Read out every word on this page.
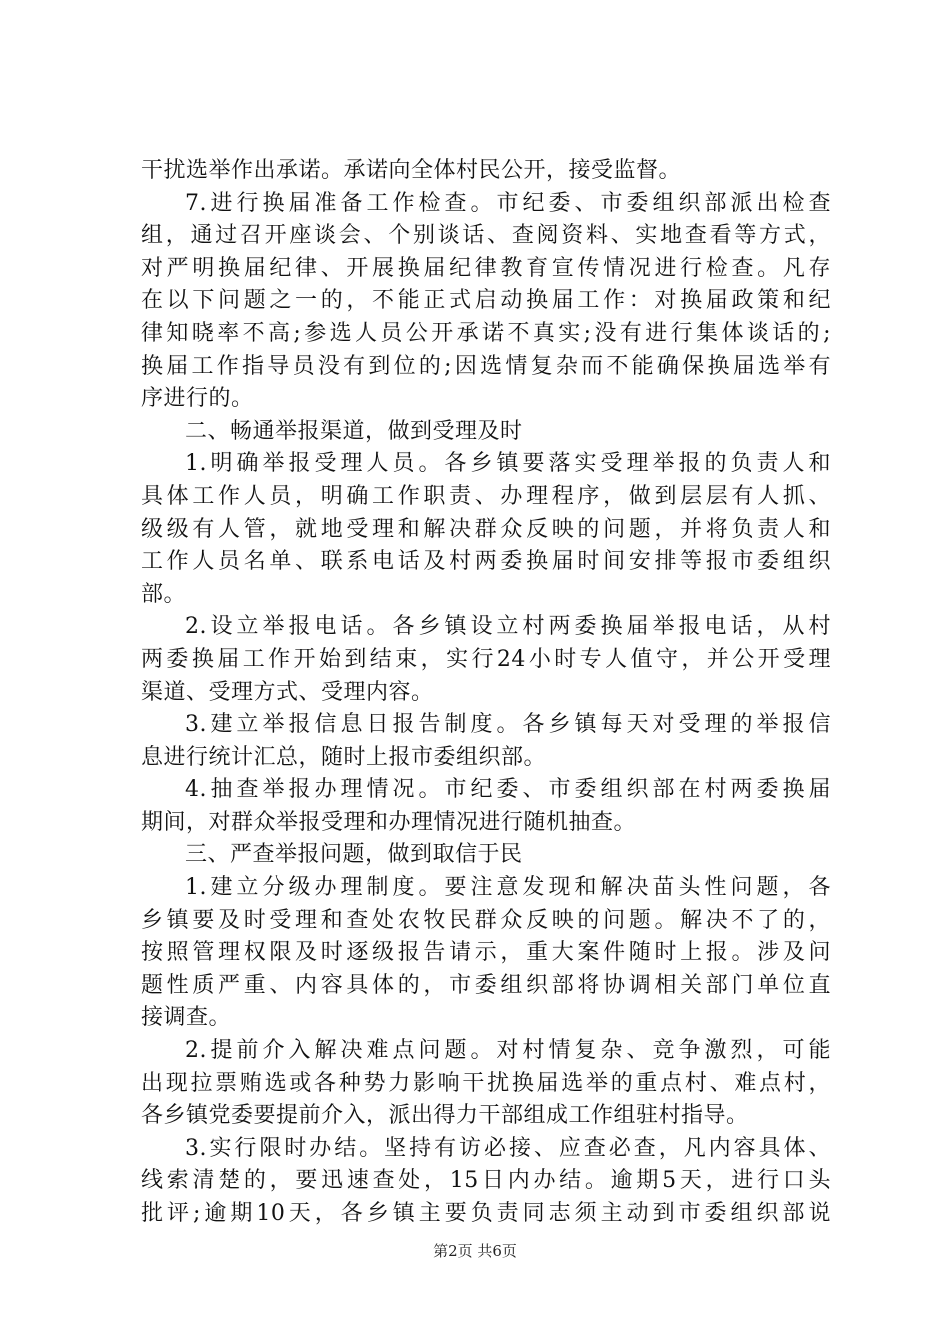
干扰选举作出承诺。承诺向全体村民公开，接受监督。
7.进行换届准备工作检查。市纪委、市委组织部派出检查
组，通过召开座谈会、个别谈话、查阅资料、实地查看等方式，
对严明换届纪律、开展换届纪律教育宣传情况进行检查。凡存
在以下问题之一的，不能正式启动换届工作：对换届政策和纪
律知晓率不高;参选人员公开承诺不真实;没有进行集体谈话的;
换届工作指导员没有到位的;因选情复杂而不能确保换届选举有
序进行的。
二、畅通举报渠道，做到受理及时
1.明确举报受理人员。各乡镇要落实受理举报的负责人和
具体工作人员，明确工作职责、办理程序，做到层层有人抓、
级级有人管，就地受理和解决群众反映的问题，并将负责人和
工作人员名单、联系电话及村两委换届时间安排等报市委组织
部。
2.设立举报电话。各乡镇设立村两委换届举报电话，从村
两委换届工作开始到结束，实行24小时专人值守，并公开受理
渠道、受理方式、受理内容。
3.建立举报信息日报告制度。各乡镇每天对受理的举报信
息进行统计汇总，随时上报市委组织部。
4.抽查举报办理情况。市纪委、市委组织部在村两委换届
期间，对群众举报受理和办理情况进行随机抽查。
三、严查举报问题，做到取信于民
1.建立分级办理制度。要注意发现和解决苗头性问题，各
乡镇要及时受理和查处农牧民群众反映的问题。解决不了的，
按照管理权限及时逐级报告请示，重大案件随时上报。涉及问
题性质严重、内容具体的，市委组织部将协调相关部门单位直
接调查。
2.提前介入解决难点问题。对村情复杂、竞争激烈，可能
出现拉票贿选或各种势力影响干扰换届选举的重点村、难点村，
各乡镇党委要提前介入，派出得力干部组成工作组驻村指导。
3.实行限时办结。坚持有访必接、应查必查，凡内容具体、
线索清楚的，要迅速查处，15日内办结。逾期5天，进行口头
批评;逾期10天，各乡镇主要负责同志须主动到市委组织部说
第2页 共6页
